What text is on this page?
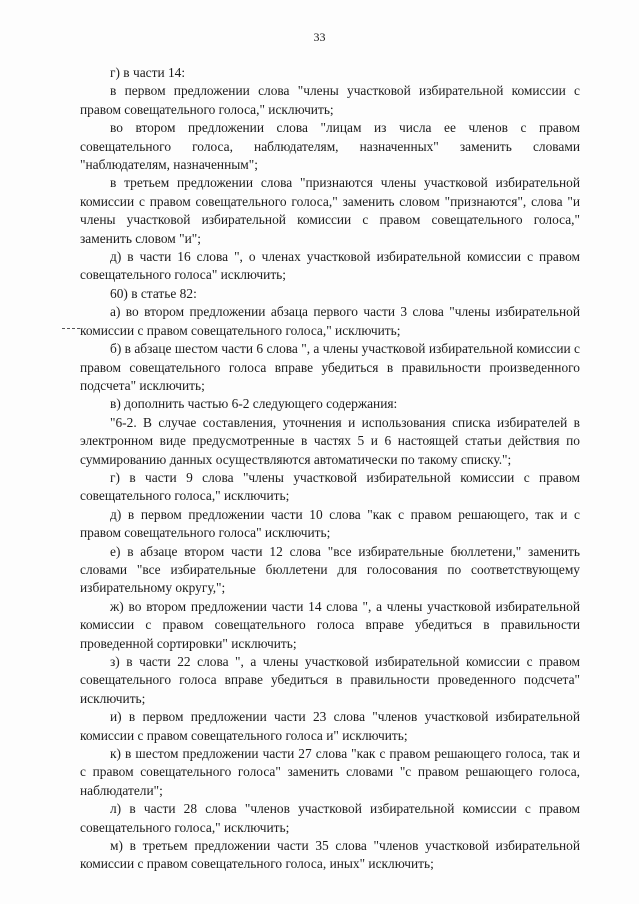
33

г) в части 14:

в первом предложении слова "члены участковой избирательной комиссии с правом совещательного голоса," исключить;

во втором предложении слова "лицам из числа ее членов с правом совещательного голоса, наблюдателям, назначенных" заменить словами "наблюдателям, назначенным";

в третьем предложении слова "признаются члены участковой избирательной комиссии с правом совещательного голоса," заменить словом "признаются", слова "и члены участковой избирательной комиссии с правом совещательного голоса," заменить словом "и";

д) в части 16 слова ", о членах участковой избирательной комиссии с правом совещательного голоса" исключить;

60) в статье 82:

а) во втором предложении абзаца первого части 3 слова "члены избирательной комиссии с правом совещательного голоса," исключить;

б) в абзаце шестом части 6 слова ", а члены участковой избирательной комиссии с правом совещательного голоса вправе убедиться в правильности произведенного подсчета" исключить;

в) дополнить частью 6-2 следующего содержания:

"6-2. В случае составления, уточнения и использования списка избирателей в электронном виде предусмотренные в частях 5 и 6 настоящей статьи действия по суммированию данных осуществляются автоматически по такому списку.";

г) в части 9 слова "члены участковой избирательной комиссии с правом совещательного голоса," исключить;

д) в первом предложении части 10 слова "как с правом решающего, так и с правом совещательного голоса" исключить;

е) в абзаце втором части 12 слова "все избирательные бюллетени," заменить словами "все избирательные бюллетени для голосования по соответствующему избирательному округу,";

ж) во втором предложении части 14 слова ", а члены участковой избирательной комиссии с правом совещательного голоса вправе убедиться в правильности проведенной сортировки" исключить;

з) в части 22 слова ", а члены участковой избирательной комиссии с правом совещательного голоса вправе убедиться в правильности проведенного подсчета" исключить;

и) в первом предложении части 23 слова "членов участковой избирательной комиссии с правом совещательного голоса и" исключить;

к) в шестом предложении части 27 слова "как с правом решающего голоса, так и с правом совещательного голоса" заменить словами "с правом решающего голоса, наблюдатели";

л) в части 28 слова "членов участковой избирательной комиссии с правом совещательного голоса," исключить;

м) в третьем предложении части 35 слова "членов участковой избирательной комиссии с правом совещательного голоса, иных" исключить;
